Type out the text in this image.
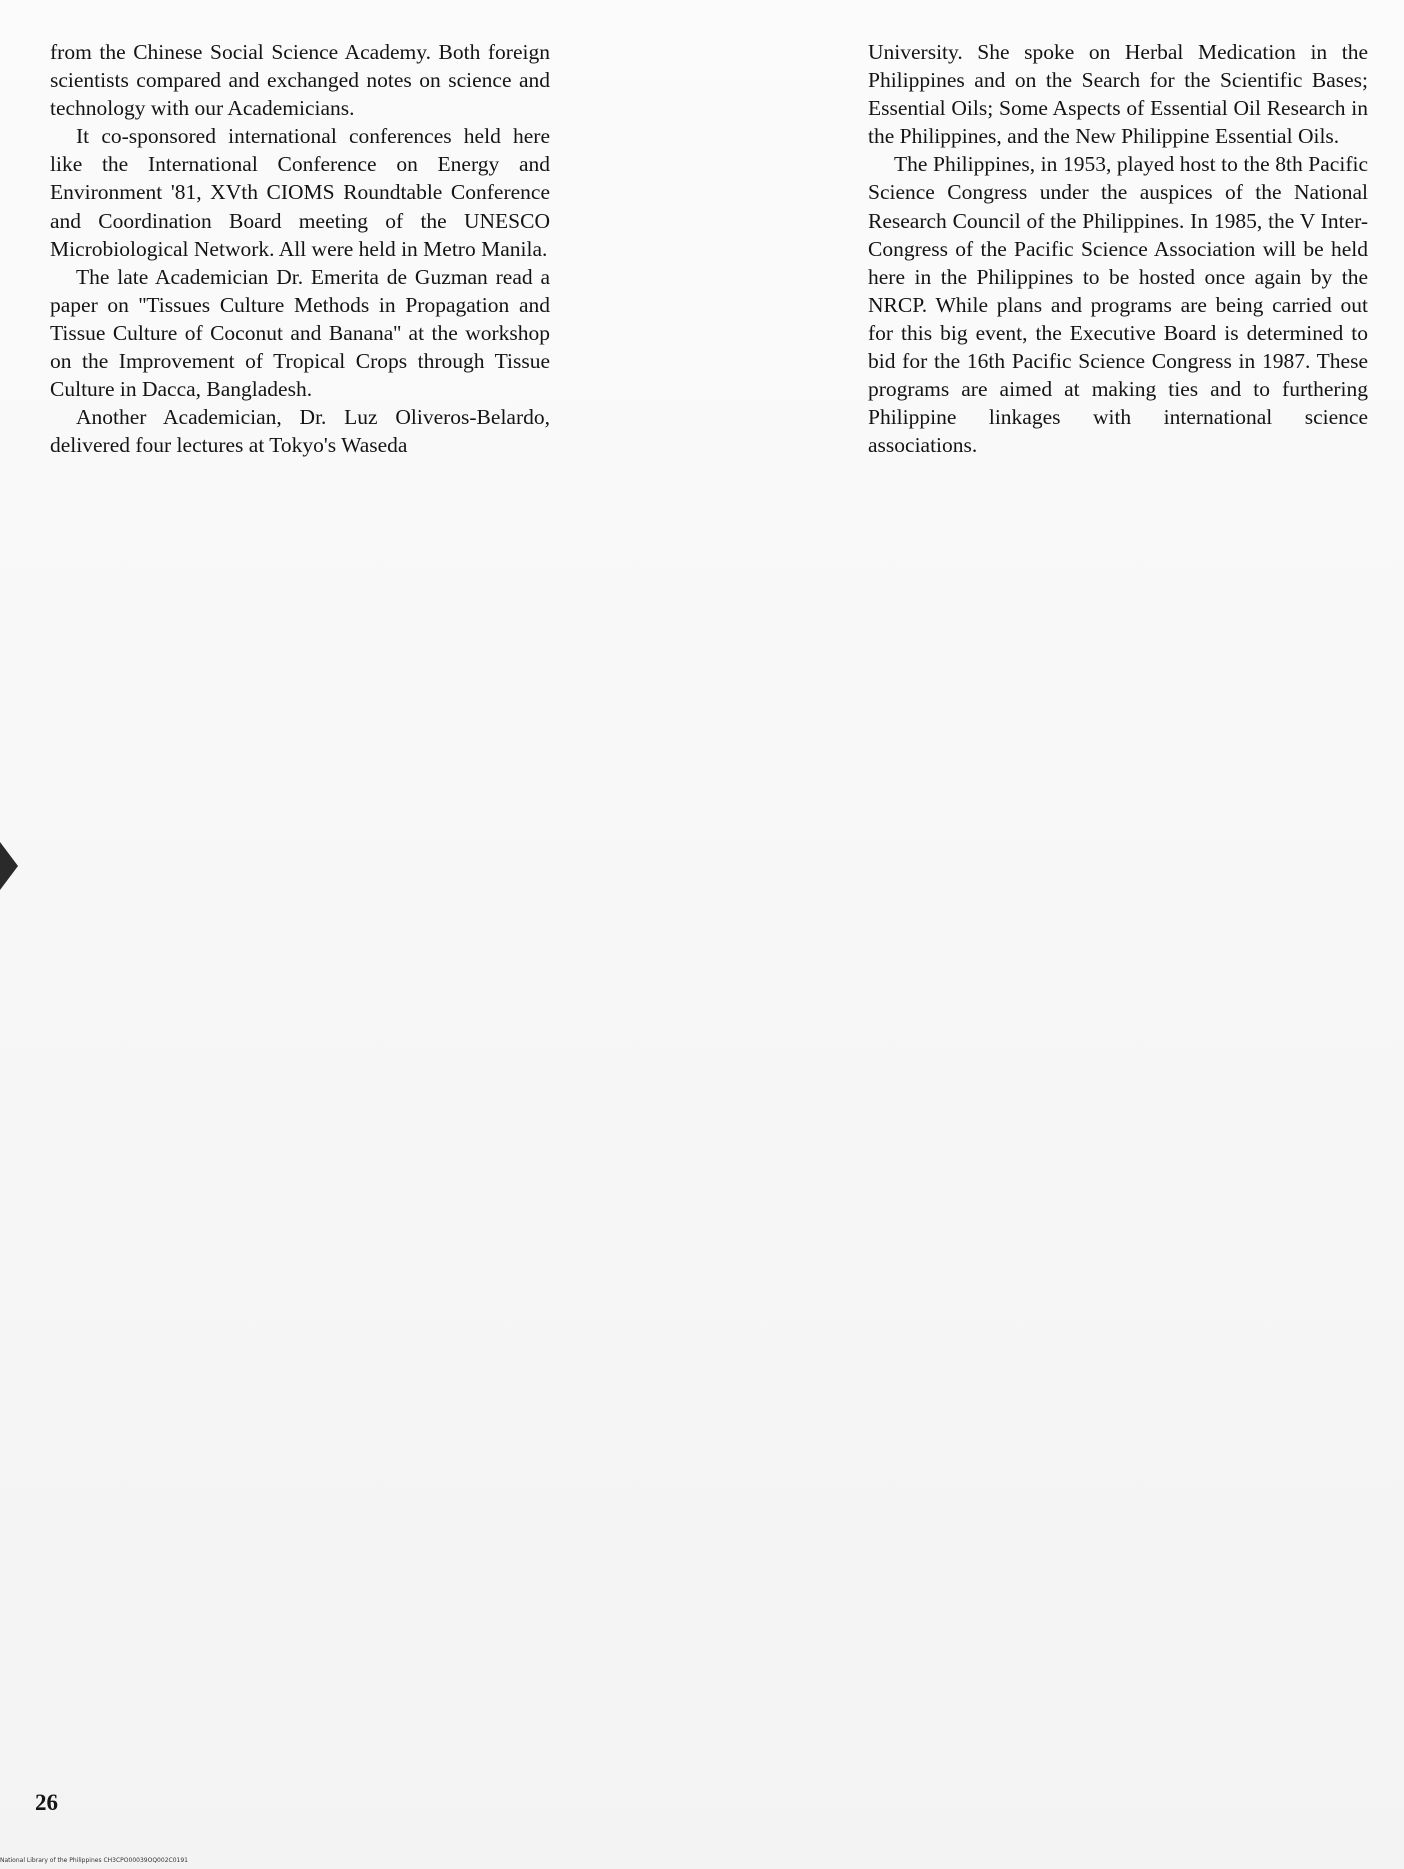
from the Chinese Social Science Academy. Both foreign scientists compared and exchanged notes on science and technology with our Academicians.

It co-sponsored international conferences held here like the International Conference on Energy and Environment '81, XVth CIOMS Roundtable Conference and Coordination Board meeting of the UNESCO Microbiological Network. All were held in Metro Manila.

The late Academician Dr. Emerita de Guzman read a paper on ''Tissues Culture Methods in Propagation and Tissue Culture of Coconut and Banana'' at the workshop on the Improvement of Tropical Crops through Tissue Culture in Dacca, Bangladesh.

Another Academician, Dr. Luz Oliveros-Belardo, delivered four lectures at Tokyo's Waseda

University. She spoke on Herbal Medication in the Philippines and on the Search for the Scientific Bases; Essential Oils; Some Aspects of Essential Oil Research in the Philippines, and the New Philippine Essential Oils.

The Philippines, in 1953, played host to the 8th Pacific Science Congress under the auspices of the National Research Council of the Philippines. In 1985, the V Inter-Congress of the Pacific Science Association will be held here in the Philippines to be hosted once again by the NRCP. While plans and programs are being carried out for this big event, the Executive Board is determined to bid for the 16th Pacific Science Congress in 1987. These programs are aimed at making ties and to furthering Philippine linkages with international science associations.

26
National Library of the Philippines CH3CPO00039OQ002C0191
